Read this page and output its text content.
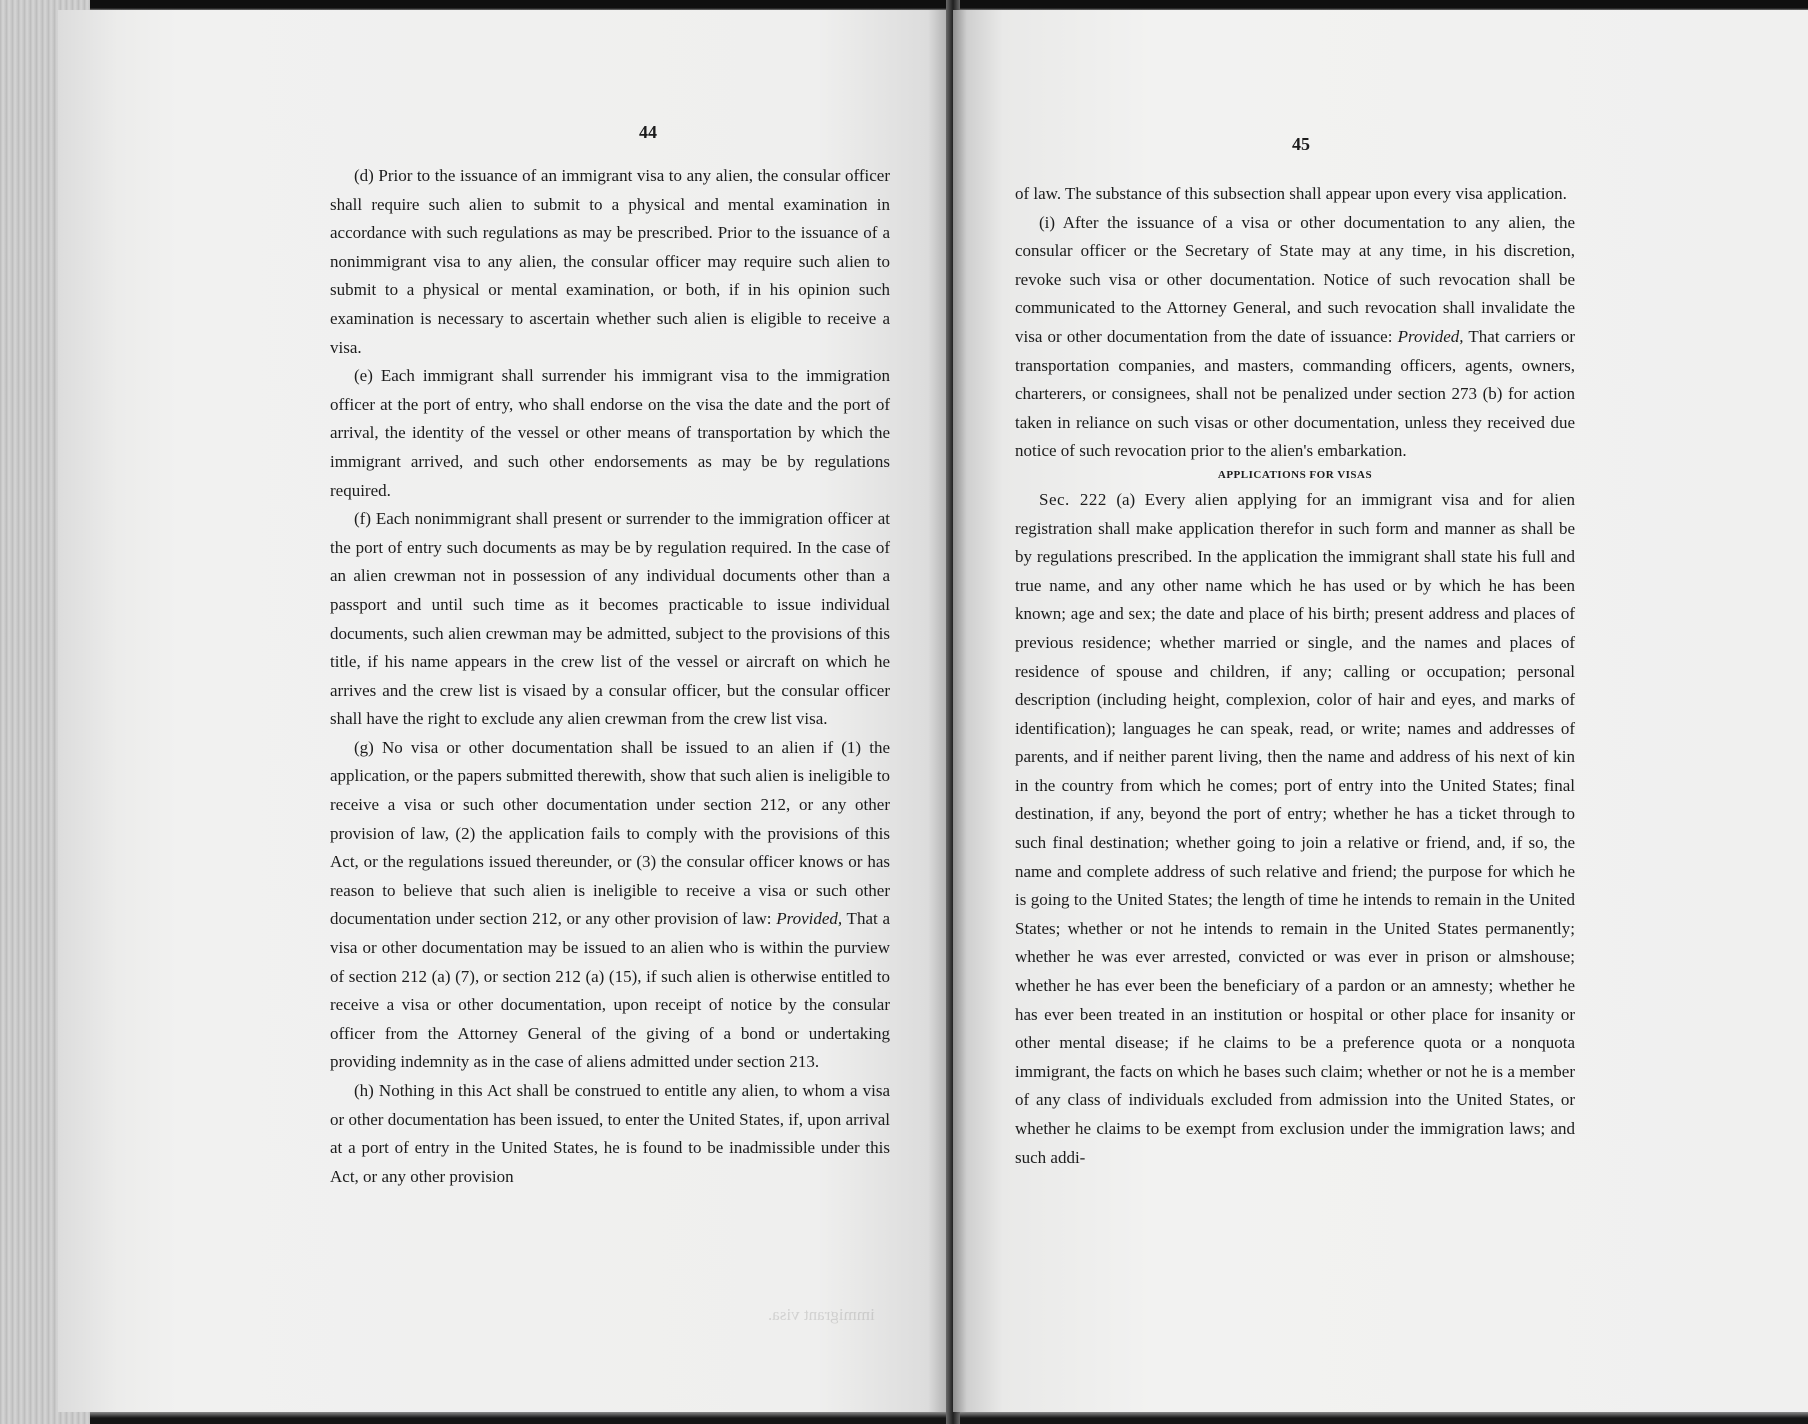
immigrant visa.
44

(d) Prior to the issuance of an immigrant visa to any alien, the consular officer shall require such alien to submit to a physical and mental examination in accordance with such regulations as may be prescribed. Prior to the issuance of a nonimmigrant visa to any alien, the consular officer may require such alien to submit to a physical or mental examination, or both, if in his opinion such examination is necessary to ascertain whether such alien is eligible to receive a visa.

(e) Each immigrant shall surrender his immigrant visa to the immigration officer at the port of entry, who shall endorse on the visa the date and the port of arrival, the identity of the vessel or other means of transportation by which the immigrant arrived, and such other endorsements as may be by regulations required.

(f) Each nonimmigrant shall present or surrender to the immigration officer at the port of entry such documents as may be by regulation required. In the case of an alien crewman not in possession of any individual documents other than a passport and until such time as it becomes practicable to issue individual documents, such alien crewman may be admitted, subject to the provisions of this title, if his name appears in the crew list of the vessel or aircraft on which he arrives and the crew list is visaed by a consular officer, but the consular officer shall have the right to exclude any alien crewman from the crew list visa.

(g) No visa or other documentation shall be issued to an alien if (1) the application, or the papers submitted therewith, show that such alien is ineligible to receive a visa or such other documentation under section 212, or any other provision of law, (2) the application fails to comply with the provisions of this Act, or the regulations issued thereunder, or (3) the consular officer knows or has reason to believe that such alien is ineligible to receive a visa or such other documentation under section 212, or any other provision of law: Provided, That a visa or other documentation may be issued to an alien who is within the purview of section 212 (a) (7), or section 212 (a) (15), if such alien is otherwise entitled to receive a visa or other documentation, upon receipt of notice by the consular officer from the Attorney General of the giving of a bond or undertaking providing indemnity as in the case of aliens admitted under section 213.

(h) Nothing in this Act shall be construed to entitle any alien, to whom a visa or other documentation has been issued, to enter the United States, if, upon arrival at a port of entry in the United States, he is found to be inadmissible under this Act, or any other provision

45

of law. The substance of this subsection shall appear upon every visa application.

(i) After the issuance of a visa or other documentation to any alien, the consular officer or the Secretary of State may at any time, in his discretion, revoke such visa or other documentation. Notice of such revocation shall be communicated to the Attorney General, and such revocation shall invalidate the visa or other documentation from the date of issuance: Provided, That carriers or transportation companies, and masters, commanding officers, agents, owners, charterers, or consignees, shall not be penalized under section 273 (b) for action taken in reliance on such visas or other documentation, unless they received due notice of such revocation prior to the alien's embarkation.

APPLICATIONS FOR VISAS

Sec. 222 (a) Every alien applying for an immigrant visa and for alien registration shall make application therefor in such form and manner as shall be by regulations prescribed. In the application the immigrant shall state his full and true name, and any other name which he has used or by which he has been known; age and sex; the date and place of his birth; present address and places of previous residence; whether married or single, and the names and places of residence of spouse and children, if any; calling or occupation; personal description (including height, complexion, color of hair and eyes, and marks of identification); languages he can speak, read, or write; names and addresses of parents, and if neither parent living, then the name and address of his next of kin in the country from which he comes; port of entry into the United States; final destination, if any, beyond the port of entry; whether he has a ticket through to such final destination; whether going to join a relative or friend, and, if so, the name and complete address of such relative and friend; the purpose for which he is going to the United States; the length of time he intends to remain in the United States; whether or not he intends to remain in the United States permanently; whether he was ever arrested, convicted or was ever in prison or almshouse; whether he has ever been the beneficiary of a pardon or an amnesty; whether he has ever been treated in an institution or hospital or other place for insanity or other mental disease; if he claims to be a preference quota or a nonquota immigrant, the facts on which he bases such claim; whether or not he is a member of any class of individuals excluded from admission into the United States, or whether he claims to be exempt from exclusion under the immigration laws; and such addi-
